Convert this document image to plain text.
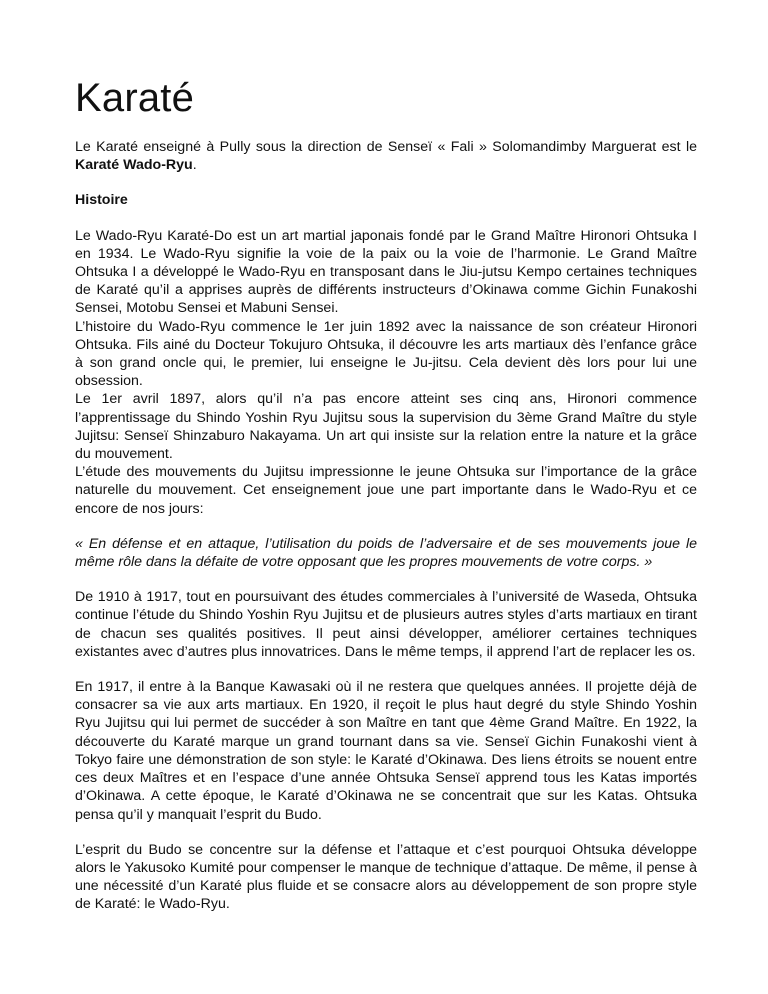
Karaté

Le Karaté enseigné à Pully sous la direction de Senseï « Fali » Solomandimby Marguerat est le Karaté Wado-Ryu.

Histoire

Le Wado-Ryu Karaté-Do est un art martial japonais fondé par le Grand Maître Hironori Ohtsuka I en 1934. Le Wado-Ryu signifie la voie de la paix ou la voie de l’harmonie. Le Grand Maître Ohtsuka I a développé le Wado-Ryu en transposant dans le Jiu-jutsu Kempo certaines techniques de Karaté qu’il a apprises auprès de différents instructeurs d’Okinawa comme Gichin Funakoshi Sensei, Motobu Sensei et Mabuni Sensei.

L’histoire du Wado-Ryu commence le 1er juin 1892 avec la naissance de son créateur Hironori Ohtsuka. Fils ainé du Docteur Tokujuro Ohtsuka, il découvre les arts martiaux dès l’enfance grâce à son grand oncle qui, le premier, lui enseigne le Ju-jitsu. Cela devient dès lors pour lui une obsession.

Le 1er avril 1897, alors qu’il n’a pas encore atteint ses cinq ans, Hironori commence l’apprentissage du Shindo Yoshin Ryu Jujitsu sous la supervision du 3ème Grand Maître du style Jujitsu: Senseï Shinzaburo Nakayama. Un art qui insiste sur la relation entre la nature et la grâce du mouvement.

L’étude des mouvements du Jujitsu impressionne le jeune Ohtsuka sur l’importance de la grâce naturelle du mouvement. Cet enseignement joue une part importante dans le Wado-Ryu et ce encore de nos jours:

« En défense et en attaque, l’utilisation du poids de l’adversaire et de ses mouvements joue le même rôle dans la défaite de votre opposant que les propres mouvements de votre corps. »

De 1910 à 1917, tout en poursuivant des études commerciales à l’université de Waseda, Ohtsuka continue l’étude du Shindo Yoshin Ryu Jujitsu et de plusieurs autres styles d’arts martiaux en tirant de chacun ses qualités positives. Il peut ainsi développer, améliorer certaines techniques existantes avec d’autres plus innovatrices. Dans le même temps, il apprend l’art de replacer les os.

En 1917, il entre à la Banque Kawasaki où il ne restera que quelques années. Il projette déjà de consacrer sa vie aux arts martiaux. En 1920, il reçoit le plus haut degré du style Shindo Yoshin Ryu Jujitsu qui lui permet de succéder à son Maître en tant que 4ème Grand Maître. En 1922, la découverte du Karaté marque un grand tournant dans sa vie. Senseï Gichin Funakoshi vient à Tokyo faire une démonstration de son style: le Karaté d’Okinawa. Des liens étroits se nouent entre ces deux Maîtres et en l’espace d’une année Ohtsuka Senseï apprend tous les Katas importés d’Okinawa. A cette époque, le Karaté d’Okinawa ne se concentrait que sur les Katas. Ohtsuka pensa qu’il y manquait l’esprit du Budo.

L’esprit du Budo se concentre sur la défense et l’attaque et c’est pourquoi Ohtsuka développe alors le Yakusoko Kumité pour compenser le manque de technique d’attaque. De même, il pense à une nécessité d’un Karaté plus fluide et se consacre alors au développement de son propre style de Karaté: le Wado-Ryu.
